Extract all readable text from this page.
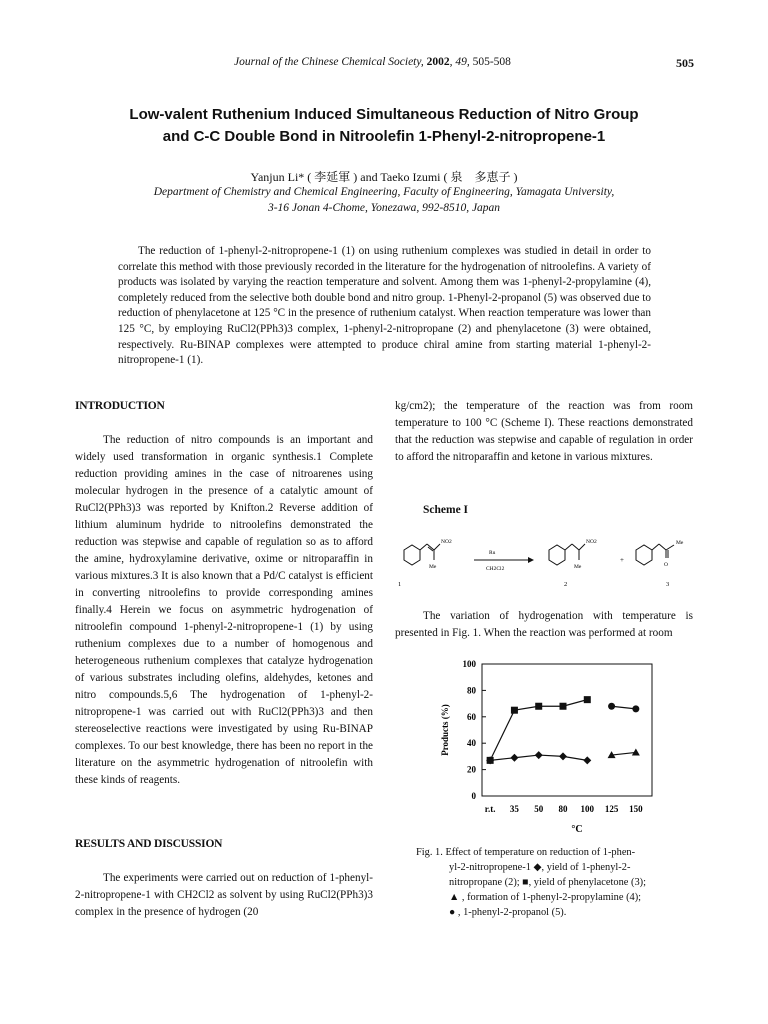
Journal of the Chinese Chemical Society, 2002, 49, 505-508	505
Low-valent Ruthenium Induced Simultaneous Reduction of Nitro Group
and C-C Double Bond in Nitroolefin 1-Phenyl-2-nitropropene-1
Yanjun Li* ( 李延軍 ) and Taeko Izumi ( 泉　多恵子 )
Department of Chemistry and Chemical Engineering, Faculty of Engineering, Yamagata University,
3-16 Jonan 4-Chome, Yonezawa, 992-8510, Japan

The reduction of 1-phenyl-2-nitropropene-1 (1) on using ruthenium complexes was studied in detail in order to correlate this method with those previously recorded in the literature for the hydrogenation of nitroolefins. A variety of products was isolated by varying the reaction temperature and solvent. Among them was 1-phenyl-2-propylamine (4), completely reduced from the selective both double bond and nitro group. 1-Phenyl-2-propanol (5) was observed due to reduction of phenylacetone at 125 °C in the presence of ruthenium catalyst. When reaction temperature was lower than 125 °C, by employing RuCl2(PPh3)3 complex, 1-phenyl-2-nitropropane (2) and phenylacetone (3) were obtained, respectively. Ru-BINAP complexes were attempted to produce chiral amine from starting material 1-phenyl-2-nitropropene-1 (1).

INTRODUCTION

The reduction of nitro compounds is an important and widely used transformation in organic synthesis.1 Complete reduction providing amines in the case of nitroarenes using molecular hydrogen in the presence of a catalytic amount of RuCl2(PPh3)3 was reported by Knifton.2 Reverse addition of lithium aluminum hydride to nitroolefins demonstrated the reduction was stepwise and capable of regulation so as to afford the amine, hydroxylamine derivative, oxime or nitroparaffin in various mixtures.3 It is also known that a Pd/C catalyst is efficient in converting nitroolefins to provide corresponding amines finally.4 Herein we focus on asymmetric hydrogenation of nitroolefin compound 1-phenyl-2-nitropropene-1 (1) by using ruthenium complexes due to a number of homogenous and heterogeneous ruthenium complexes that catalyze hydrogenation of various substrates including olefins, aldehydes, ketones and nitro compounds.5,6 The hydrogenation of 1-phenyl-2-nitropropene-1 was carried out with RuCl2(PPh3)3 and then stereoselective reactions were investigated by using Ru-BINAP complexes. To our best knowledge, there has been no report in the literature on the asymmetric hydrogenation of nitroolefin with these kinds of reagents.

RESULTS AND DISCUSSION

The experiments were carried out on reduction of 1-phenyl-2-nitropropene-1 with CH2Cl2 as solvent by using RuCl2(PPh3)3 complex in the presence of hydrogen (20

kg/cm2); the temperature of the reaction was from room temperature to 100 °C (Scheme I). These reactions demonstrated that the reduction was stepwise and capable of regulation in order to afford the nitroparaffin and ketone in various mixtures.

Scheme I
NO2
Me
1
Ru
CH2Cl2
NO2
Me
2
+
Me
O
3

The variation of hydrogenation with temperature is presented in Fig. 1. When the reaction was performed at room

0
20
40
60
80
100
r.t. 35 50 80 100 125 150
Products (%)
°C
Fig. 1. Effect of temperature on reduction of 1-phen-
yl-2-nitropropene-1 ◆, yield of 1-phenyl-2-
nitropropane (2); ■, yield of phenylacetone (3);
▲ , formation of 1-phenyl-2-propylamine (4);
● , 1-phenyl-2-propanol (5).
